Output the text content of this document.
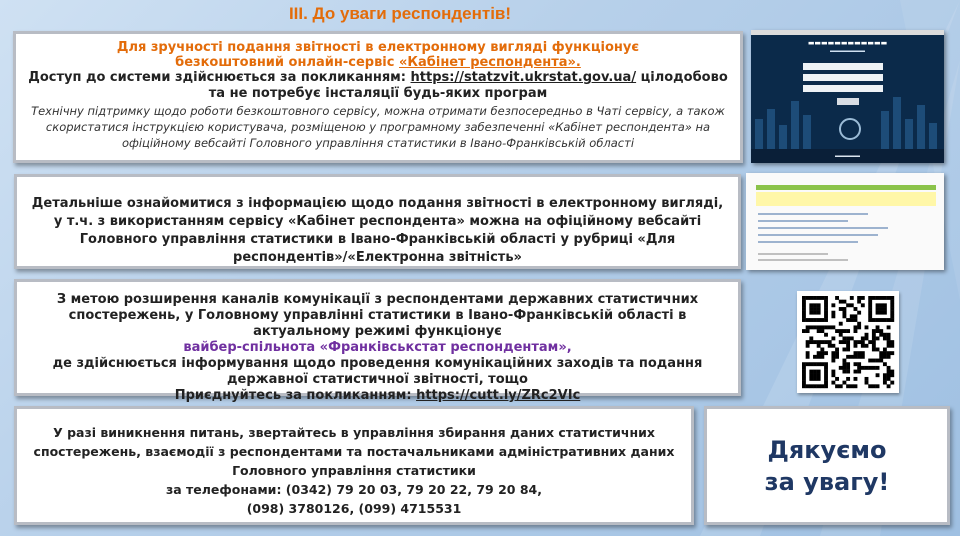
III. До уваги респондентів!
Для зручності подання звітності в електронному вигляді функціонує
безкоштовний онлайн-сервіс «Кабінет респондента».
Доступ до системи здійснюється за покликанням: https://statzvit.ukrstat.gov.ua/ цілодобово
та не потребує інсталяції будь-яких програм
Технічну підтримку щодо роботи безкоштовного сервісу, можна отримати безпосередньо в Чаті сервісу, а також скористатися інструкцією користувача, розміщеною у програмному забезпеченні «Кабінет респондента» на офіційному вебсайті Головного управління статистики в Івано-Франківській області
▬▬▬▬▬▬▬▬▬▬▬▬
▬▬▬▬▬▬▬
▬▬▬▬▬
Детальніше ознайомитися з інформацією щодо подання звітності в електронному вигляді, у т.ч. з використанням сервісу «Кабінет респондента» можна на офіційному вебсайті Головного управління статистики в Івано-Франківській області у рубриці «Для респондентів»/«Електронна звітність»
З метою розширення каналів комунікації з респондентами державних статистичних спостережень, у Головному управлінні статистики в Івано-Франківській області в актуальному режимі функціонує
вайбер-спільнота «Франківськстат респондентам»,
де здійснюється інформування щодо проведення комунікаційних заходів та подання державної статистичної звітності, тощо
Приєднуйтесь за покликанням: https://cutt.ly/ZRc2VIc
У разі виникнення питань, звертайтесь в управління збирання даних статистичних
спостережень, взаємодії з респондентами та постачальниками адміністративних даних
Головного управління статистики
за телефонами: (0342) 79 20 03, 79 20 22, 79 20 84,
(098) 3780126, (099) 4715531
Дякуємо
за увагу!
